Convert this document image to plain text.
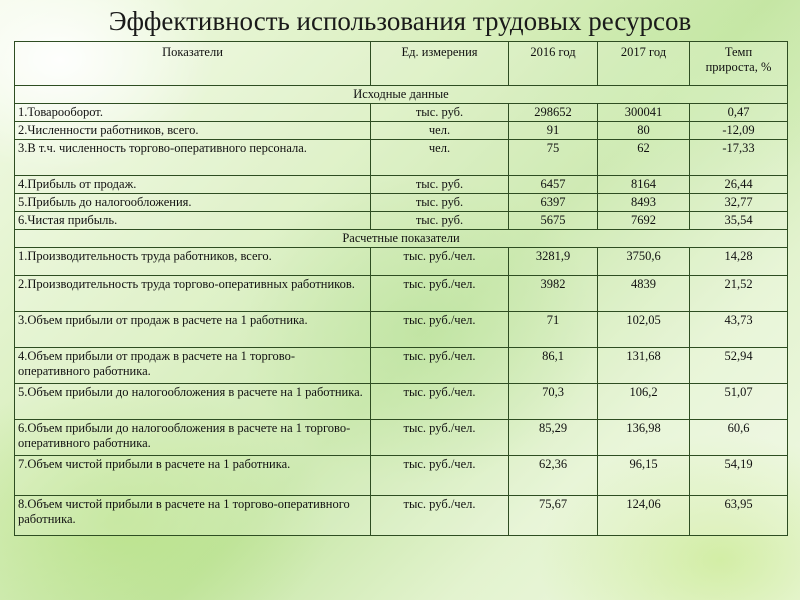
Эффективность использования трудовых ресурсов
Показатели	Ед. измерения	2016 год	2017 год	Темп
прироста, %
Исходные данные				
1.Товарооборот.	тыс. руб.	298652	300041	0,47
2.Численности работников, всего.	чел.	91	80	-12,09
3.В т.ч. численность торгово-оперативного персонала.	чел.	75	62	-17,33
4.Прибыль от продаж.	тыс. руб.	6457	8164	26,44
5.Прибыль до налогообложения.	тыс. руб.	6397	8493	32,77
6.Чистая прибыль.	тыс. руб.	5675	7692	35,54
Расчетные показатели				
1.Производительность труда работников, всего.	тыс. руб./чел.	3281,9	3750,6	14,28
2.Производительность труда торгово-оперативных работников.	тыс. руб./чел.	3982	4839	21,52
3.Объем прибыли от продаж в расчете на 1 работника.	тыс. руб./чел.	71	102,05	43,73
4.Объем прибыли от продаж в расчете на 1 торгово-оперативного работника.	тыс. руб./чел.	86,1	131,68	52,94
5.Объем прибыли до налогообложения в расчете на 1 работника.	тыс. руб./чел.	70,3	106,2	51,07
6.Объем прибыли до налогообложения в расчете на 1 торгово-оперативного работника.	тыс. руб./чел.	85,29	136,98	60,6
7.Объем чистой прибыли в расчете на 1 работника.	тыс. руб./чел.	62,36	96,15	54,19
8.Объем чистой прибыли в расчете на 1 торгово-оперативного работника.	тыс. руб./чел.	75,67	124,06	63,95
